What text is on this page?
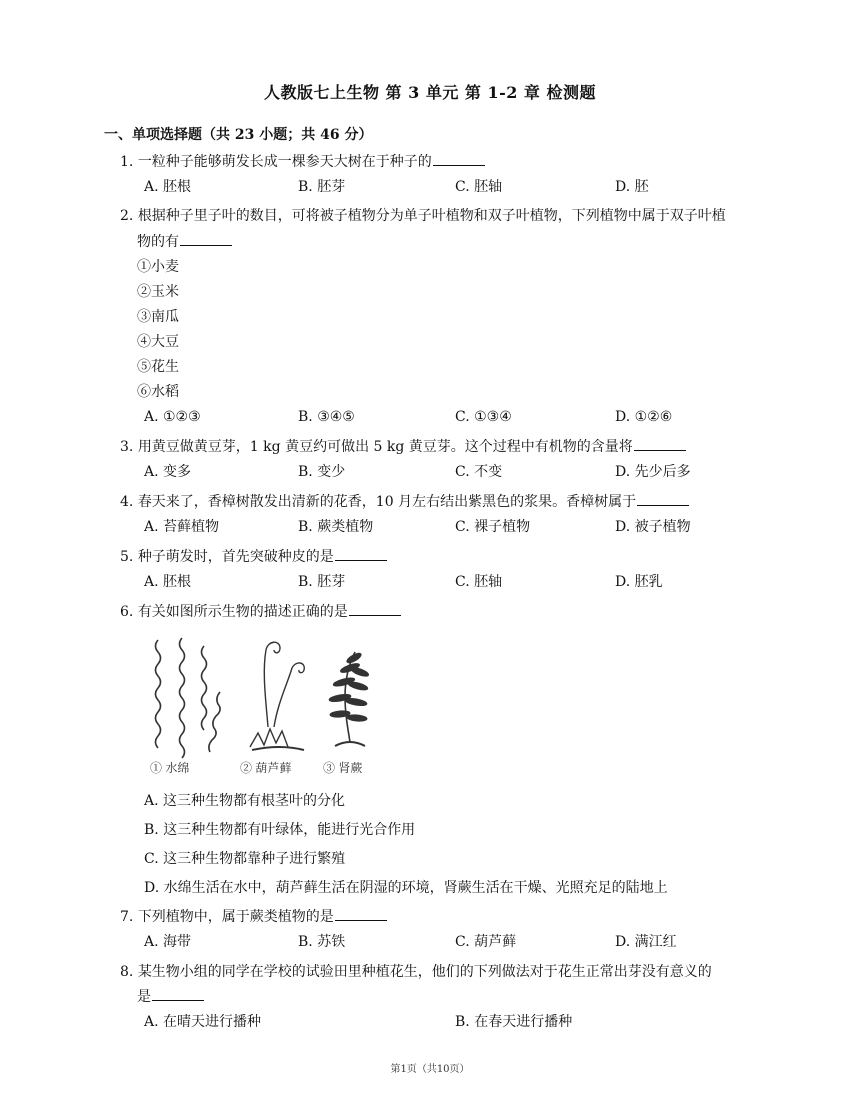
人教版七上生物 第 3 单元 第 1-2 章 检测题
一、单项选择题（共 23 小题；共 46 分）
1. 一粒种子能够萌发长成一棵参天大树在于种子的
A. 胚根	B. 胚芽	C. 胚轴	D. 胚
2. 根据种子里子叶的数目，可将被子植物分为单子叶植物和双子叶植物，下列植物中属于双子叶植
物的有
①小麦
②玉米
③南瓜
④大豆
⑤花生
⑥水稻
A. ①②③	B. ③④⑤	C. ①③④	D. ①②⑥
3. 用黄豆做黄豆芽，1 kg 黄豆约可做出 5 kg 黄豆芽。这个过程中有机物的含量将
A. 变多	B. 变少	C. 不变	D. 先少后多
4. 春天来了，香樟树散发出清新的花香，10 月左右结出紫黑色的浆果。香樟树属于
A. 苔藓植物	B. 蕨类植物	C. 裸子植物	D. 被子植物
5. 种子萌发时，首先突破种皮的是
A. 胚根	B. 胚芽	C. 胚轴	D. 胚乳
6. 有关如图所示生物的描述正确的是
① 水绵	② 葫芦藓	③ 肾蕨
A. 这三种生物都有根茎叶的分化
B. 这三种生物都有叶绿体，能进行光合作用
C. 这三种生物都靠种子进行繁殖
D. 水绵生活在水中，葫芦藓生活在阴湿的环境，肾蕨生活在干燥、光照充足的陆地上
7. 下列植物中，属于蕨类植物的是
A. 海带	B. 苏铁	C. 葫芦藓	D. 满江红
8. 某生物小组的同学在学校的试验田里种植花生，他们的下列做法对于花生正常出芽没有意义的
是
A. 在晴天进行播种	B. 在春天进行播种
第1页（共10页）
